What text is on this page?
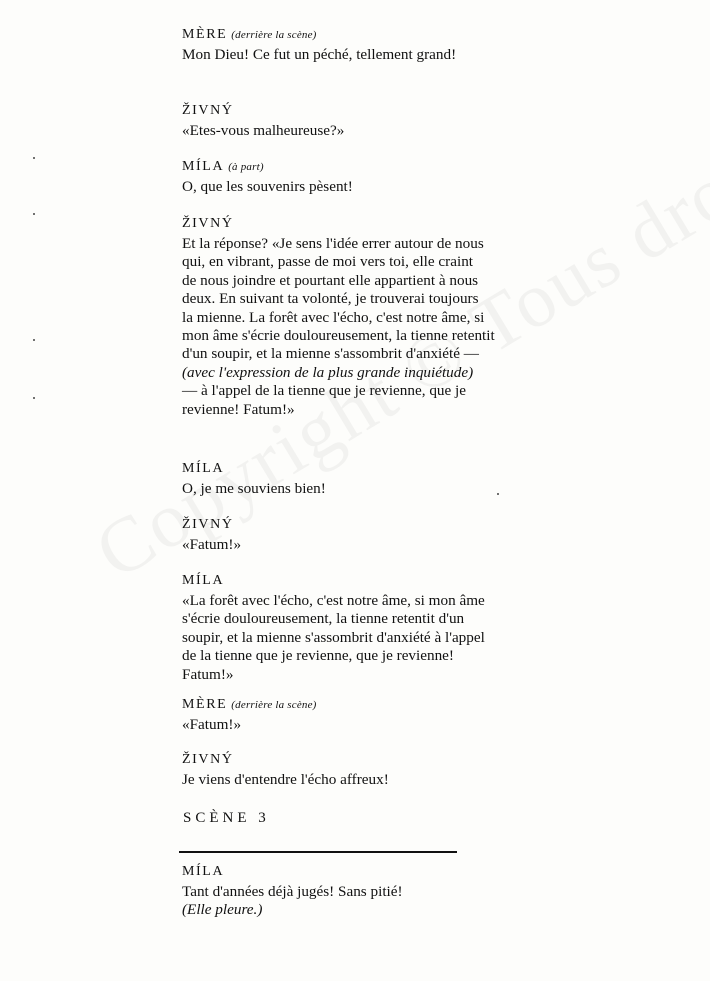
MÈRE (derrière la scène)
Mon Dieu! Ce fut un péché, tellement grand!
ŽIVNÝ
«Etes-vous malheureuse?»
MÍLA (à part)
O, que les souvenirs pèsent!
ŽIVNÝ
Et la réponse? «Je sens l'idée errer autour de nous
qui, en vibrant, passe de moi vers toi, elle craint
de nous joindre et pourtant elle appartient à nous
deux. En suivant ta volonté, je trouverai toujours
la mienne. La forêt avec l'écho, c'est notre âme, si
mon âme s'écrie douloureusement, la tienne retentit
d'un soupir, et la mienne s'assombrit d'anxiété —
(avec l'expression de la plus grande inquiétude)
— à l'appel de la tienne que je revienne, que je
revienne! Fatum!»
MÍLA
O, je me souviens bien!
ŽIVNÝ
«Fatum!»
MÍLA
«La forêt avec l'écho, c'est notre âme, si mon âme
s'écrie douloureusement, la tienne retentit d'un
soupir, et la mienne s'assombrit d'anxiété à l'appel
de la tienne que je revienne, que je revienne!
Fatum!»
MÈRE (derrière la scène)
«Fatum!»
ŽIVNÝ
Je viens d'entendre l'écho affreux!
SCÈNE 3
MÍLA
Tant d'années déjà jugés! Sans pitié!
(Elle pleure.)
